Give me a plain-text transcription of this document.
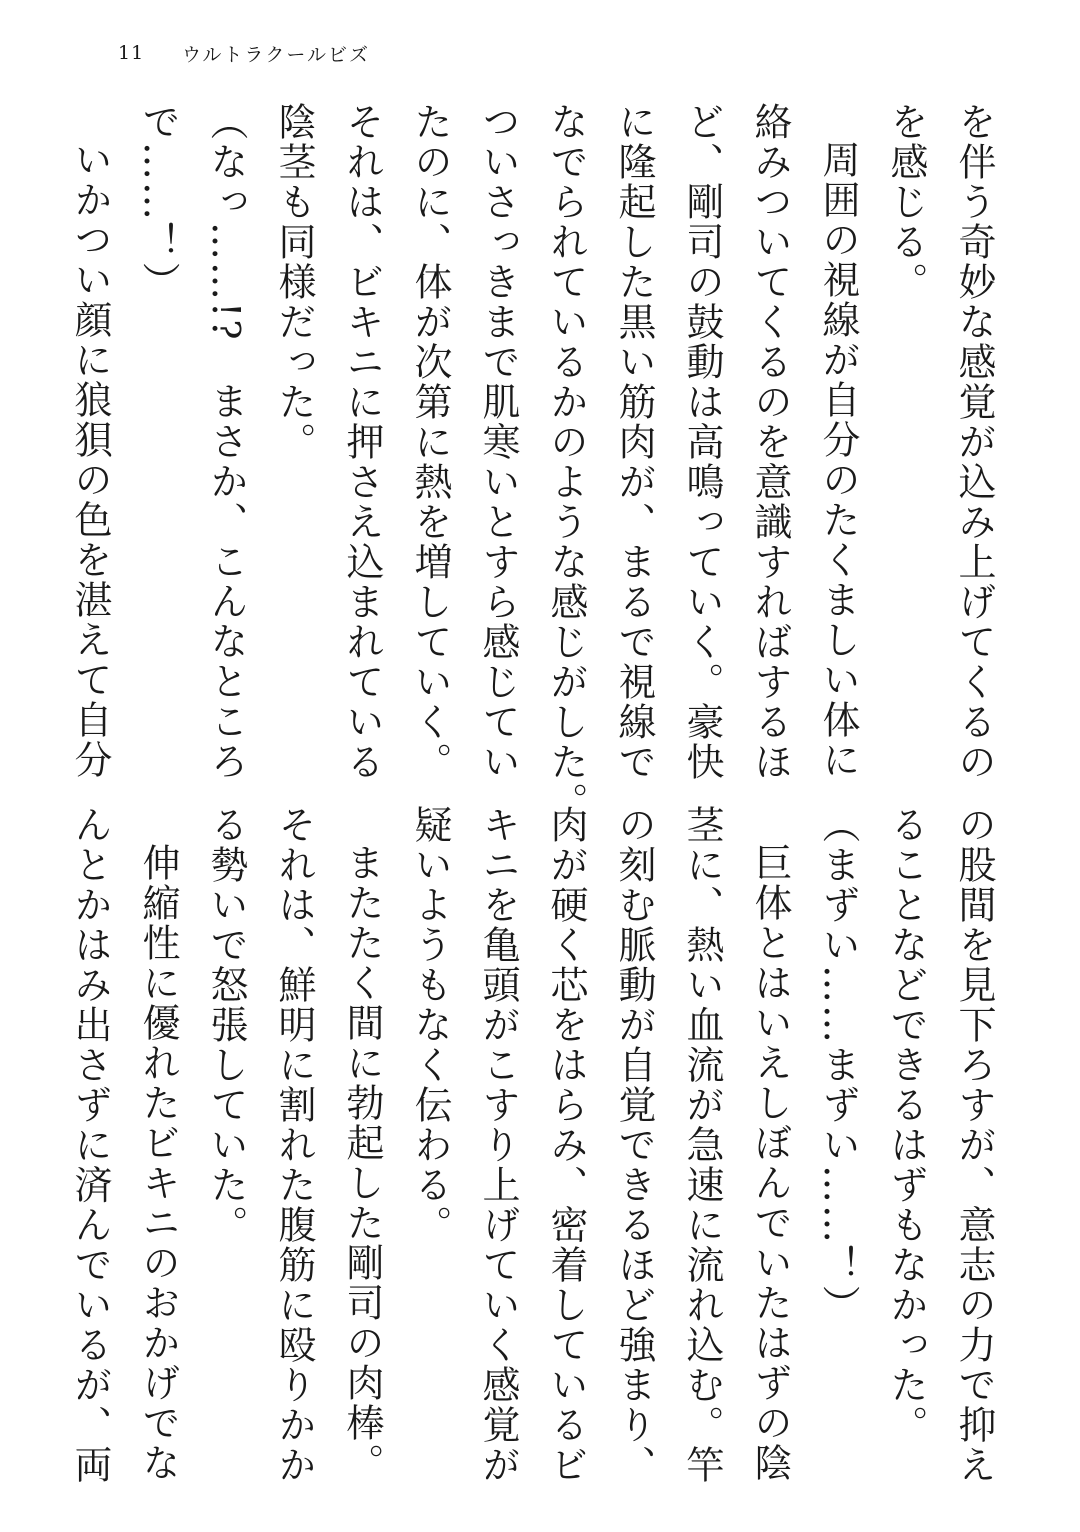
11	ウルトラクールビズ

を伴う奇妙な感覚が込み上げてくるの

を感じる。

周囲の視線が自分のたくましい体に

絡みついてくるのを意識すればするほ

ど、剛司の鼓動は高鳴っていく。豪快

に隆起した黒い筋肉が、まるで視線で

なでられているかのような感じがした。

ついさっきまで肌寒いとすら感じてい

たのに、体が次第に熱を増していく。

それは、ビキニに押さえ込まれている

陰茎も同様だった。

（なっ……!?　まさか、こんなところ

で……！）

いかつい顔に狼狽の色を湛えて自分

の股間を見下ろすが、意志の力で抑え

ることなどできるはずもなかった。

（まずい……まずい……！）

巨体とはいえしぼんでいたはずの陰

茎に、熱い血流が急速に流れ込む。竿

の刻む脈動が自覚できるほど強まり、

肉が硬く芯をはらみ、密着しているビ

キニを亀頭がこすり上げていく感覚が

疑いようもなく伝わる。

またたく間に勃起した剛司の肉棒。

それは、鮮明に割れた腹筋に殴りかか

る勢いで怒張していた。

伸縮性に優れたビキニのおかげでな

んとかはみ出さずに済んでいるが、両
